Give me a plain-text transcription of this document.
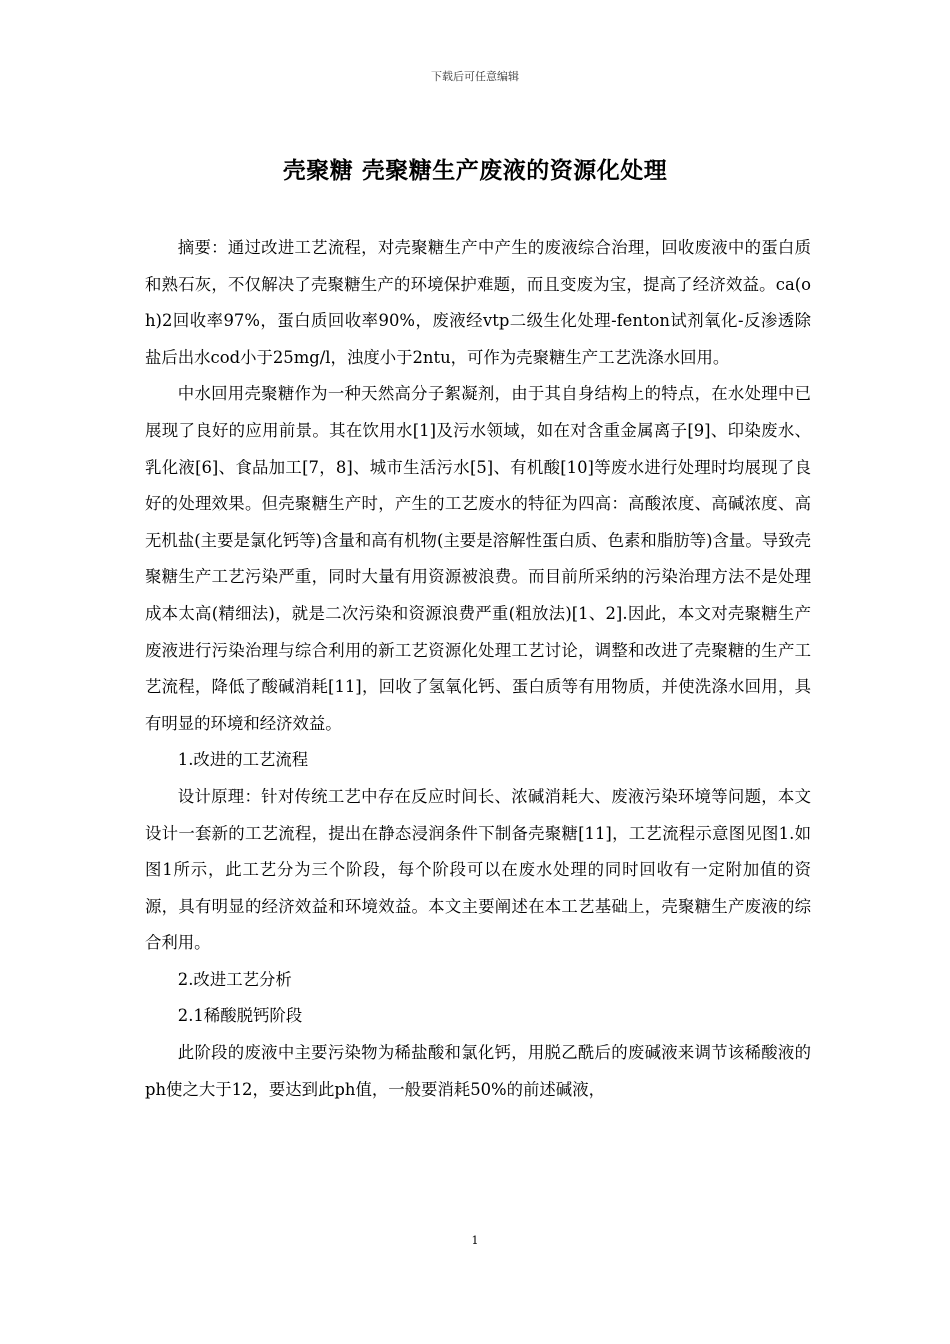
下载后可任意编辑
壳聚糖 壳聚糖生产废液的资源化处理

摘要：通过改进工艺流程，对壳聚糖生产中产生的废液综合治理，回收废液中的蛋白质和熟石灰，不仅解决了壳聚糖生产的环境保护难题，而且变废为宝，提高了经济效益。ca(oh)2回收率97%，蛋白质回收率90%，废液经vtp二级生化处理-fenton试剂氧化-反渗透除盐后出水cod小于25mg/l，浊度小于2ntu，可作为壳聚糖生产工艺洗涤水回用。

中水回用壳聚糖作为一种天然高分子絮凝剂，由于其自身结构上的特点，在水处理中已展现了良好的应用前景。其在饮用水[1]及污水领域，如在对含重金属离子[9]、印染废水、乳化液[6]、食品加工[7，8]、城市生活污水[5]、有机酸[10]等废水进行处理时均展现了良好的处理效果。但壳聚糖生产时，产生的工艺废水的特征为四高：高酸浓度、高碱浓度、高无机盐(主要是氯化钙等)含量和高有机物(主要是溶解性蛋白质、色素和脂肪等)含量。导致壳聚糖生产工艺污染严重，同时大量有用资源被浪费。而目前所采纳的污染治理方法不是处理成本太高(精细法)，就是二次污染和资源浪费严重(粗放法)[1、2].因此，本文对壳聚糖生产废液进行污染治理与综合利用的新工艺资源化处理工艺讨论，调整和改进了壳聚糖的生产工艺流程，降低了酸碱消耗[11]，回收了氢氧化钙、蛋白质等有用物质，并使洗涤水回用，具有明显的环境和经济效益。

1.改进的工艺流程

设计原理：针对传统工艺中存在反应时间长、浓碱消耗大、废液污染环境等问题，本文设计一套新的工艺流程，提出在静态浸润条件下制备壳聚糖[11]，工艺流程示意图见图1.如图1所示，此工艺分为三个阶段，每个阶段可以在废水处理的同时回收有一定附加值的资源，具有明显的经济效益和环境效益。本文主要阐述在本工艺基础上，壳聚糖生产废液的综合利用。

2.改进工艺分析

2.1稀酸脱钙阶段

此阶段的废液中主要污染物为稀盐酸和氯化钙，用脱乙酰后的废碱液来调节该稀酸液的ph使之大于12，要达到此ph值，一般要消耗50%的前述碱液，

1
